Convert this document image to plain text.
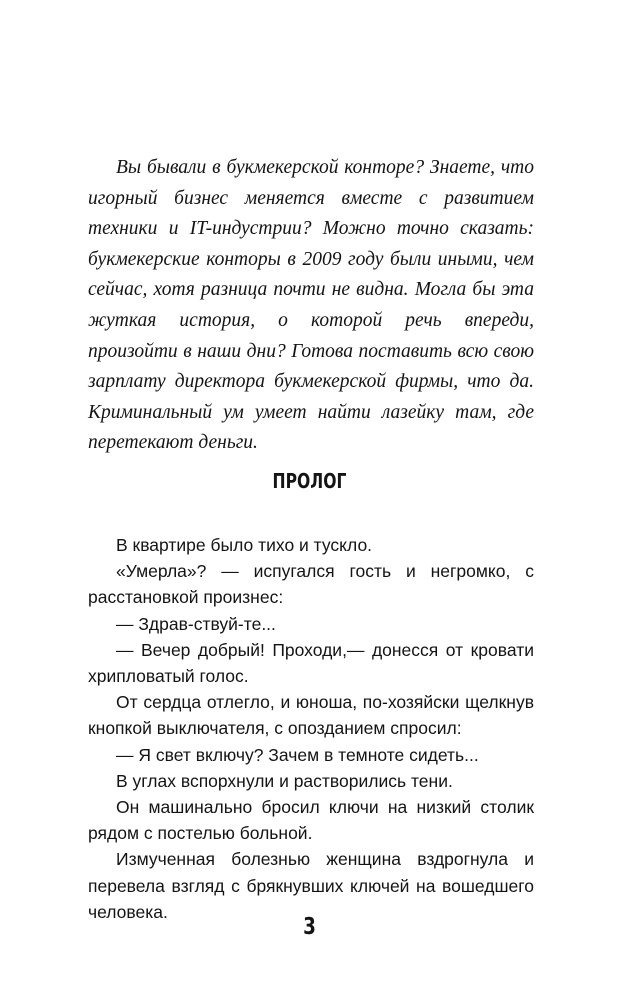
Вы бывали в букмекерской конторе? Знаете, что игорный бизнес меняется вместе с развитием техники и IT-индустрии? Можно точно сказать: букмекерские конторы в 2009 году были иными, чем сейчас, хотя разница почти не видна. Могла бы эта жуткая история, о которой речь впереди, произойти в наши дни? Готова поставить всю свою зарплату директора букмекерской фирмы, что да. Криминальный ум умеет найти лазейку там, где перетекают деньги.

ПРОЛОГ

В квартире было тихо и тускло.

«Умерла»? — испугался гость и негромко, с расстановкой произнес:

— Здрав-ствуй-те...

— Вечер добрый! Проходи,— донесся от кровати хрипловатый голос.

От сердца отлегло, и юноша, по-хозяйски щелкнув кнопкой выключателя, с опозданием спросил:

— Я свет включу? Зачем в темноте сидеть...

В углах вспорхнули и растворились тени.

Он машинально бросил ключи на низкий столик рядом с постелью больной.

Измученная болезнью женщина вздрогнула и перевела взгляд с брякнувших ключей на вошедшего человека.

3
